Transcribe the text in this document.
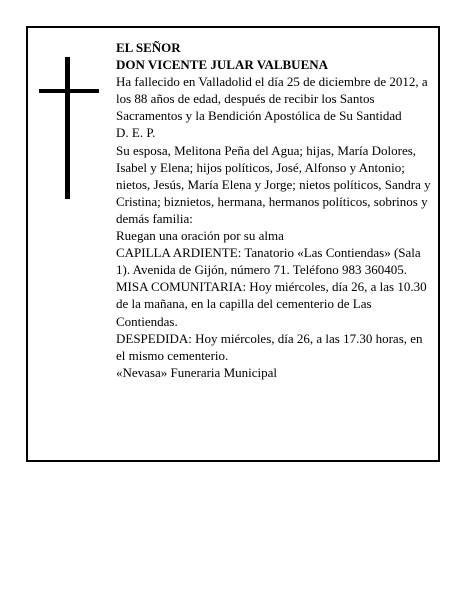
EL SEÑOR

DON VICENTE JULAR VALBUENA

Ha fallecido en Valladolid el día 25 de diciembre de 2012, a los 88 años de edad, después de recibir los Santos Sacramentos y la Bendición Apostólica de Su Santidad

D. E. P.

Su esposa, Melitona Peña del Agua; hijas, María Dolores, Isabel y Elena; hijos políticos, José, Alfonso y Antonio; nietos, Jesús, María Elena y Jorge; nietos políticos, Sandra y Cristina; biznietos, hermana, hermanos políticos, sobrinos y demás familia:

Ruegan una oración por su alma

CAPILLA ARDIENTE: Tanatorio «Las Contiendas» (Sala 1). Avenida de Gijón, número 71. Teléfono 983 360405.

MISA COMUNITARIA: Hoy miércoles, día 26, a las 10.30 de la mañana, en la capilla del cementerio de Las Contiendas.

DESPEDIDA: Hoy miércoles, día 26, a las 17.30 horas, en el mismo cementerio.

«Nevasa» Funeraria Municipal
